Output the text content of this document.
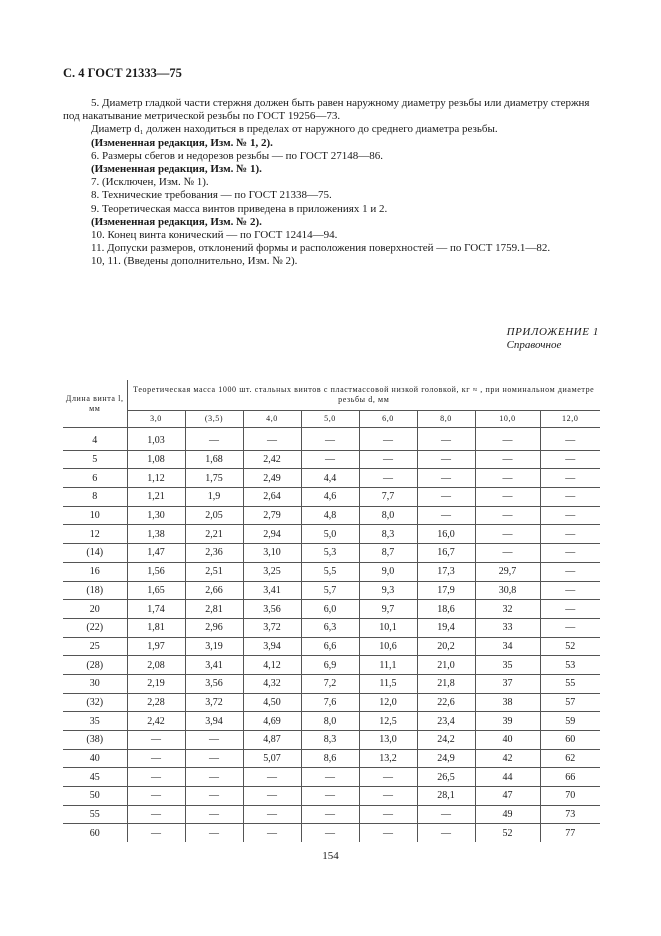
С. 4 ГОСТ 21333—75

5. Диаметр гладкой части стержня должен быть равен наружному диаметру резьбы или диаметру стержня под накатывание метрической резьбы по ГОСТ 19256—73.

Диаметр d₁ должен находиться в пределах от наружного до среднего диаметра резьбы.

(Измененная редакция, Изм. № 1, 2).

6. Размеры сбегов и недорезов резьбы — по ГОСТ 27148—86.

(Измененная редакция, Изм. № 1).

7. (Исключен, Изм. № 1).

8. Технические требования — по ГОСТ 21338—75.

9. Теоретическая масса винтов приведена в приложениях 1 и 2.

(Измененная редакция, Изм. № 2).

10. Конец винта конический — по ГОСТ 12414—94.

11. Допуски размеров, отклонений формы и расположения поверхностей — по ГОСТ 1759.1—82.

10, 11. (Введены дополнительно, Изм. № 2).

ПРИЛОЖЕНИЕ 1
Справочное
Длина винта l, мм	Теоретическая масса 1000 шт. стальных винтов с пластмассовой низкой головкой, кг ≈ , при номинальном диаметре резьбы d, мм							
	3,0	(3,5)	4,0	5,0	6,0	8,0	10,0	12,0
4	1,03	—	—	—	—	—	—	—
5	1,08	1,68	2,42	—	—	—	—	—
6	1,12	1,75	2,49	4,4	—	—	—	—
8	1,21	1,9	2,64	4,6	7,7	—	—	—
10	1,30	2,05	2,79	4,8	8,0	—	—	—
12	1,38	2,21	2,94	5,0	8,3	16,0	—	—
(14)	1,47	2,36	3,10	5,3	8,7	16,7	—	—
16	1,56	2,51	3,25	5,5	9,0	17,3	29,7	—
(18)	1,65	2,66	3,41	5,7	9,3	17,9	30,8	—
20	1,74	2,81	3,56	6,0	9,7	18,6	32	—
(22)	1,81	2,96	3,72	6,3	10,1	19,4	33	—
25	1,97	3,19	3,94	6,6	10,6	20,2	34	52
(28)	2,08	3,41	4,12	6,9	11,1	21,0	35	53
30	2,19	3,56	4,32	7,2	11,5	21,8	37	55
(32)	2,28	3,72	4,50	7,6	12,0	22,6	38	57
35	2,42	3,94	4,69	8,0	12,5	23,4	39	59
(38)	—	—	4,87	8,3	13,0	24,2	40	60
40	—	—	5,07	8,6	13,2	24,9	42	62
45	—	—	—	—	—	26,5	44	66
50	—	—	—	—	—	28,1	47	70
55	—	—	—	—	—	—	49	73
60	—	—	—	—	—	—	52	77
154
